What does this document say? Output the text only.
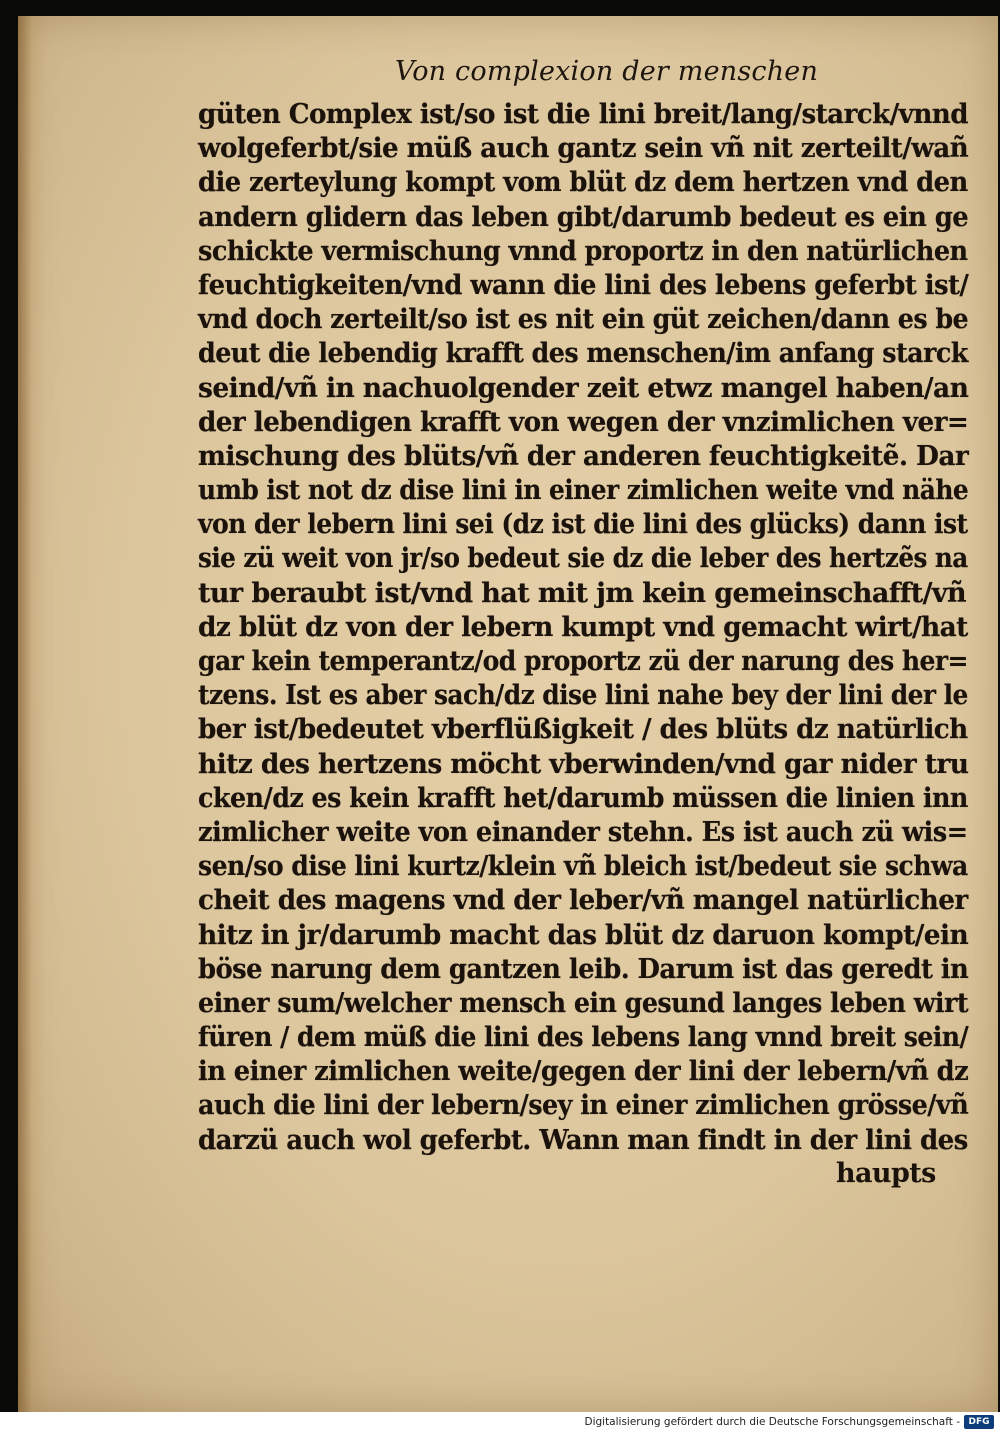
Von complexion der menschen
güten Complex ist/so ist die lini breit/lang/starck/vnnd
wolgeferbt/sie müß auch gantz sein vñ nit zerteilt/wañ
die zerteylung kompt vom blüt dz dem hertzen vnd den
andern glidern das leben gibt/darumb bedeut es ein ge
schickte vermischung vnnd proportz in den natürlichen
feuchtigkeiten/vnd wann die lini des lebens geferbt ist/
vnd doch zerteilt/so ist es nit ein güt zeichen/dann es be
deut die lebendig krafft des menschen/im anfang starck
seind/vñ in nachuolgender zeit etwz mangel haben/an
der lebendigen krafft von wegen der vnzimlichen ver=
mischung des blüts/vñ der anderen feuchtigkeitẽ. Dar
umb ist not dz dise lini in einer zimlichen weite vnd nähe
von der lebern lini sei (dz ist die lini des glücks) dann ist
sie zü weit von jr/so bedeut sie dz die leber des hertzẽs na
tur beraubt ist/vnd hat mit jm kein gemeinschafft/vñ
dz blüt dz von der lebern kumpt vnd gemacht wirt/hat
gar kein temperantz/od proportz zü der narung des her=
tzens. Ist es aber sach/dz dise lini nahe bey der lini der le
ber ist/bedeutet vberflüßigkeit / des blüts dz natürlich
hitz des hertzens möcht vberwinden/vnd gar nider tru
cken/dz es kein krafft het/darumb müssen die linien inn
zimlicher weite von einander stehn. Es ist auch zü wis=
sen/so dise lini kurtz/klein vñ bleich ist/bedeut sie schwa
cheit des magens vnd der leber/vñ mangel natürlicher
hitz in jr/darumb macht das blüt dz daruon kompt/ein
böse narung dem gantzen leib. Darum ist das geredt in
einer sum/welcher mensch ein gesund langes leben wirt
füren / dem müß die lini des lebens lang vnnd breit sein/
in einer zimlichen weite/gegen der lini der lebern/vñ dz
auch die lini der lebern/sey in einer zimlichen grösse/vñ
darzü auch wol geferbt. Wann man findt in der lini des
haupts
Digitalisierung gefördert durch die Deutsche Forschungsgemeinschaft - DFG
